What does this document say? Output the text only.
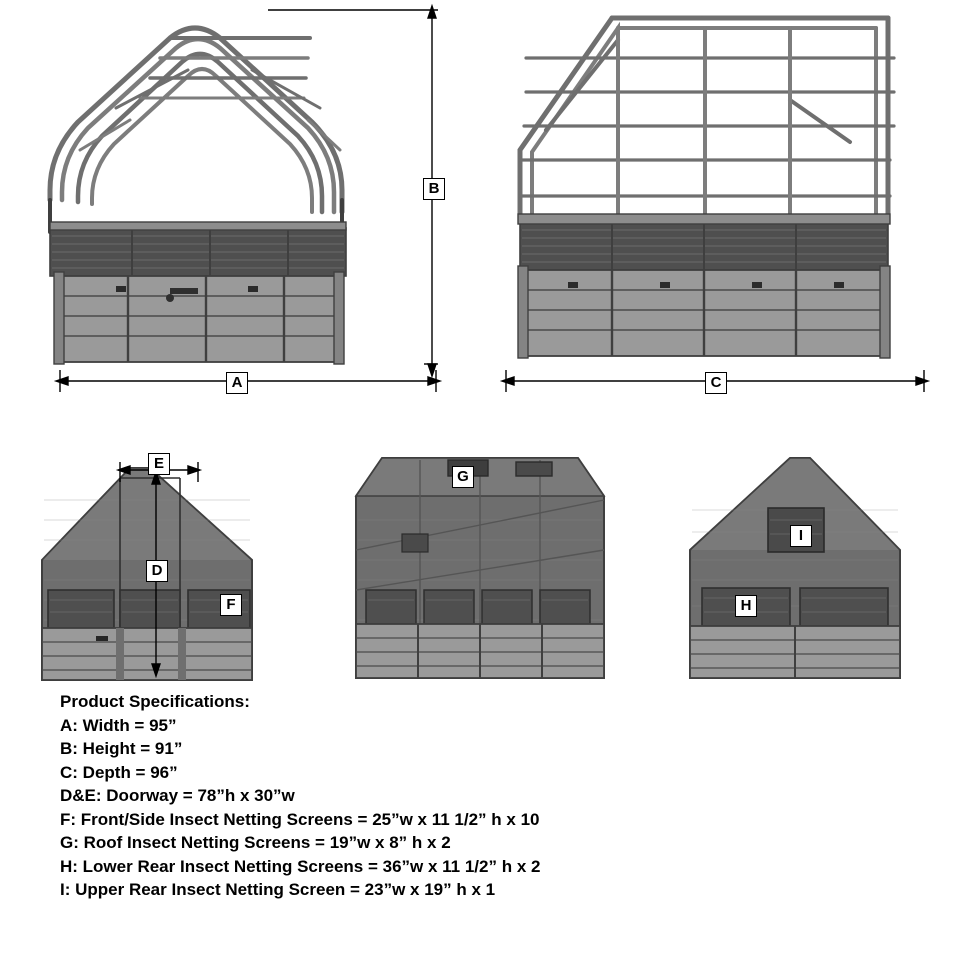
B
A	C
E
D
F
G
I
H
Product Specifications:
A: Width = 95”
B: Height = 91”
C: Depth = 96”
D&E: Doorway = 78”h x 30”w
F: Front/Side Insect Netting Screens = 25”w x 11 1/2” h x 10
G: Roof Insect Netting Screens = 19”w x 8” h x 2
H: Lower Rear Insect Netting Screens = 36”w x 11 1/2” h x 2
I: Upper Rear Insect Netting Screen = 23”w x 19” h x 1
